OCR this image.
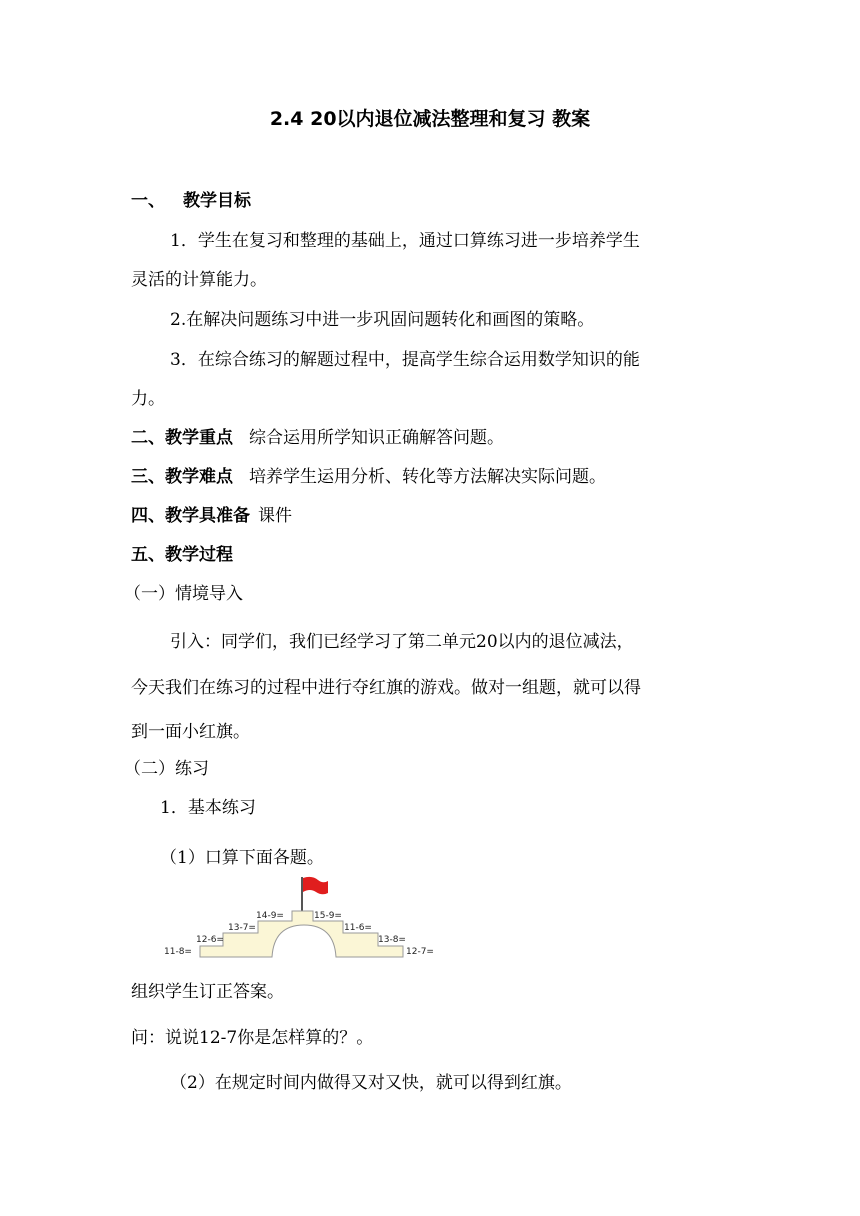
2.4 20以内退位减法整理和复习 教案
一、 教学目标
1．学生在复习和整理的基础上，通过口算练习进一步培养学生
灵活的计算能力。
2.在解决问题练习中进一步巩固问题转化和画图的策略。
3．在综合练习的解题过程中，提高学生综合运用数学知识的能
力。
二、教学重点 综合运用所学知识正确解答问题。
三、教学难点 培养学生运用分析、转化等方法解决实际问题。
四、教学具准备 课件
五、教学过程
（一）情境导入
引入：同学们，我们已经学习了第二单元20以内的退位减法，
今天我们在练习的过程中进行夺红旗的游戏。做对一组题，就可以得
到一面小红旗。
（二）练习
1．基本练习
（1）口算下面各题。
11-8=
12-6=
13-7=
14-9=	15-9=
11-6=
13-8=
12-7=
组织学生订正答案。
问：说说12-7你是怎样算的？。
（2）在规定时间内做得又对又快，就可以得到红旗。
